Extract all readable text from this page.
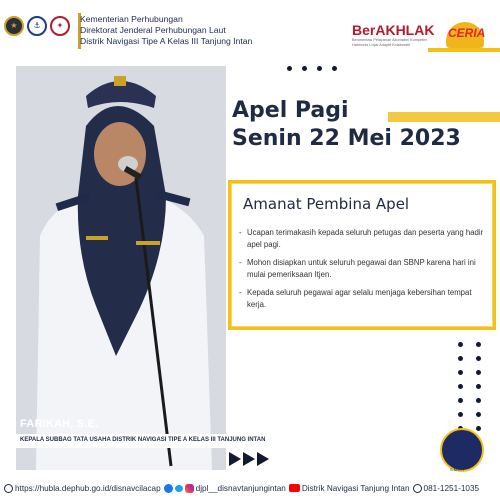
★ ⚓ ✦
Kementerian Perhubungan
Direktorat Jenderal Perhubungan Laut
Distrik Navigasi Tipe A Kelas III Tanjung Intan
BerAKHLAK
Berorientasi Pelayanan Akuntabel Kompeten Harmonis Loyal Adaptif Kolaboratif
CERIA
Apel Pagi
Senin 22 Mei 2023
Amanat Pembina Apel
- Ucapan terimakasih kepada seluruh petugas dan peserta yang hadir apel pagi.
- Mohon disiapkan untuk seluruh pegawai dan SBNP karena hari ini mulai pemeriksaan Itjen.
- Kepada seluruh pegawai agar selalu menjaga kebersihan tempat kerja.
FARIKAH, S.E.
KEPALA SUBBAG TATA USAHA DISTRIK NAVIGASI TIPE A KELAS III TANJUNG INTAN
S.M.K.T
https://hubla.dephub.go.id/disnavcilacap	djpl__disnavtanjungintan Distrik Navigasi Tanjung Intan 081-1251-1035
